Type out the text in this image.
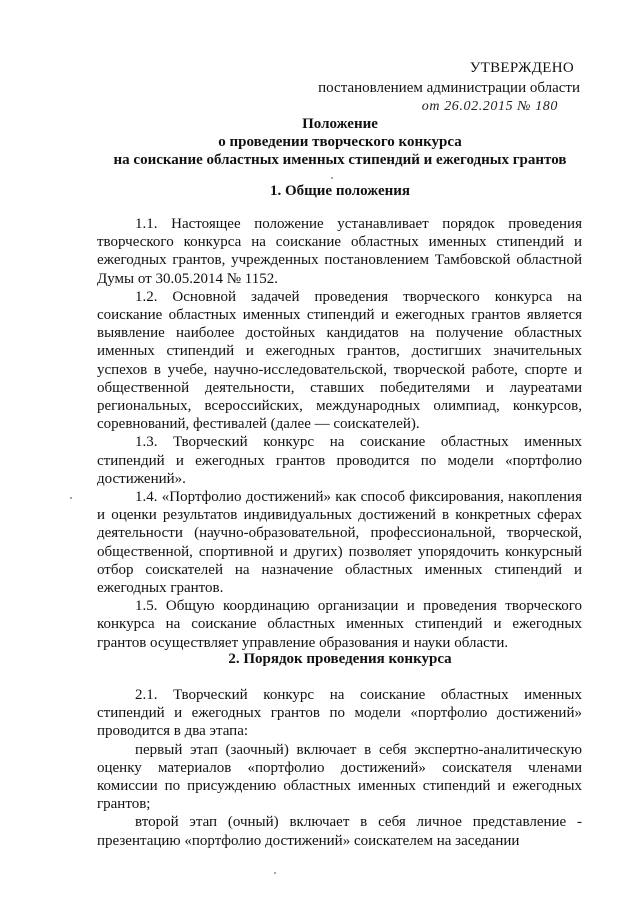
УТВЕРЖДЕНО
постановлением администрации области
от 26.02.2015 № 180
Положение
о проведении творческого конкурса
на соискание областных именных стипендий и ежегодных грантов
1. Общие положения

1.1. Настоящее положение устанавливает порядок проведения творческого конкурса на соискание областных именных стипендий и ежегодных грантов, учрежденных постановлением Тамбовской областной Думы от 30.05.2014 № 1152.

1.2. Основной задачей проведения творческого конкурса на соискание областных именных стипендий и ежегодных грантов является выявление наиболее достойных кандидатов на получение областных именных стипендий и ежегодных грантов, достигших значительных успехов в учебе, научно-исследовательской, творческой работе, спорте и общественной деятельности, ставших победителями и лауреатами региональных, всероссийских, международных олимпиад, конкурсов, соревнований, фестивалей (далее — соискателей).

1.3. Творческий конкурс на соискание областных именных стипендий и ежегодных грантов проводится по модели «портфолио достижений».

1.4. «Портфолио достижений» как способ фиксирования, накопления и оценки результатов индивидуальных достижений в конкретных сферах деятельности (научно-образовательной, профессиональной, творческой, общественной, спортивной и других) позволяет упорядочить конкурсный отбор соискателей на назначение областных именных стипендий и ежегодных грантов.

1.5. Общую координацию организации и проведения творческого конкурса на соискание областных именных стипендий и ежегодных грантов осуществляет управление образования и науки области.

2. Порядок проведения конкурса

2.1. Творческий конкурс на соискание областных именных стипендий и ежегодных грантов по модели «портфолио достижений» проводится в два этапа:

первый этап (заочный) включает в себя экспертно-аналитическую оценку материалов «портфолио достижений» соискателя членами комиссии по присуждению областных именных стипендий и ежегодных грантов;

второй этап (очный) включает в себя личное представление - презентацию «портфолио достижений» соискателем на заседании
